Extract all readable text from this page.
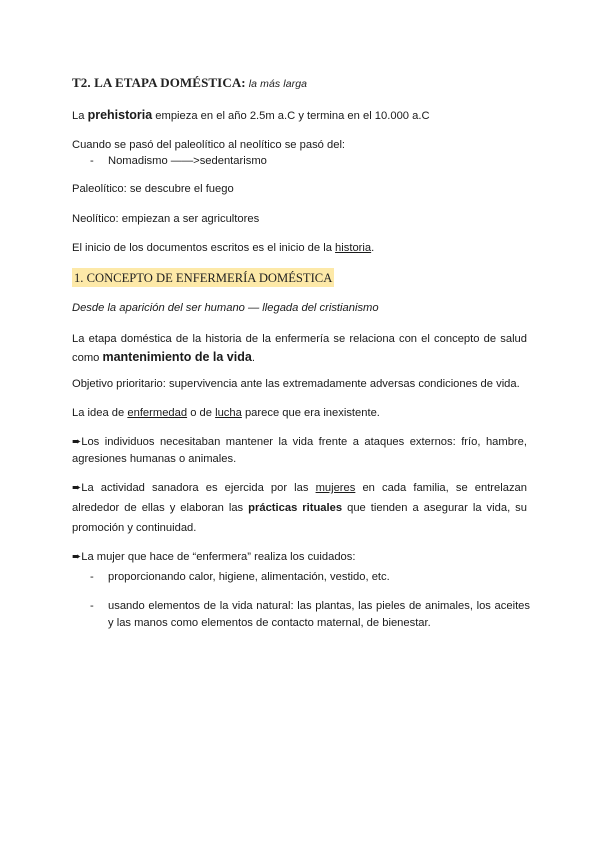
T2. LA ETAPA DOMÉSTICA: la más larga
La prehistoria empieza en el año 2.5m a.C y termina en el 10.000 a.C
Cuando se pasó del paleolítico al neolítico se pasó del:
- Nomadismo ——>sedentarismo
Paleolítico: se descubre el fuego
Neolítico: empiezan a ser agricultores
El inicio de los documentos escritos es el inicio de la historia.
1. CONCEPTO DE ENFERMERÍA DOMÉSTICA
Desde la aparición del ser humano — llegada del cristianismo
La etapa doméstica de la historia de la enfermería se relaciona con el concepto de salud como mantenimiento de la vida.
Objetivo prioritario: supervivencia ante las extremadamente adversas condiciones de vida.
La idea de enfermedad o de lucha parece que era inexistente.
➨Los individuos necesitaban mantener la vida frente a ataques externos: frío, hambre, agresiones humanas o animales.
➨La actividad sanadora es ejercida por las mujeres en cada familia, se entrelazan alrededor de ellas y elaboran las prácticas rituales que tienden a asegurar la vida, su promoción y continuidad.
➨La mujer que hace de “enfermera” realiza los cuidados:
- proporcionando calor, higiene, alimentación, vestido, etc.
- usando elementos de la vida natural: las plantas, las pieles de animales, los aceites y las manos como elementos de contacto maternal, de bienestar.
